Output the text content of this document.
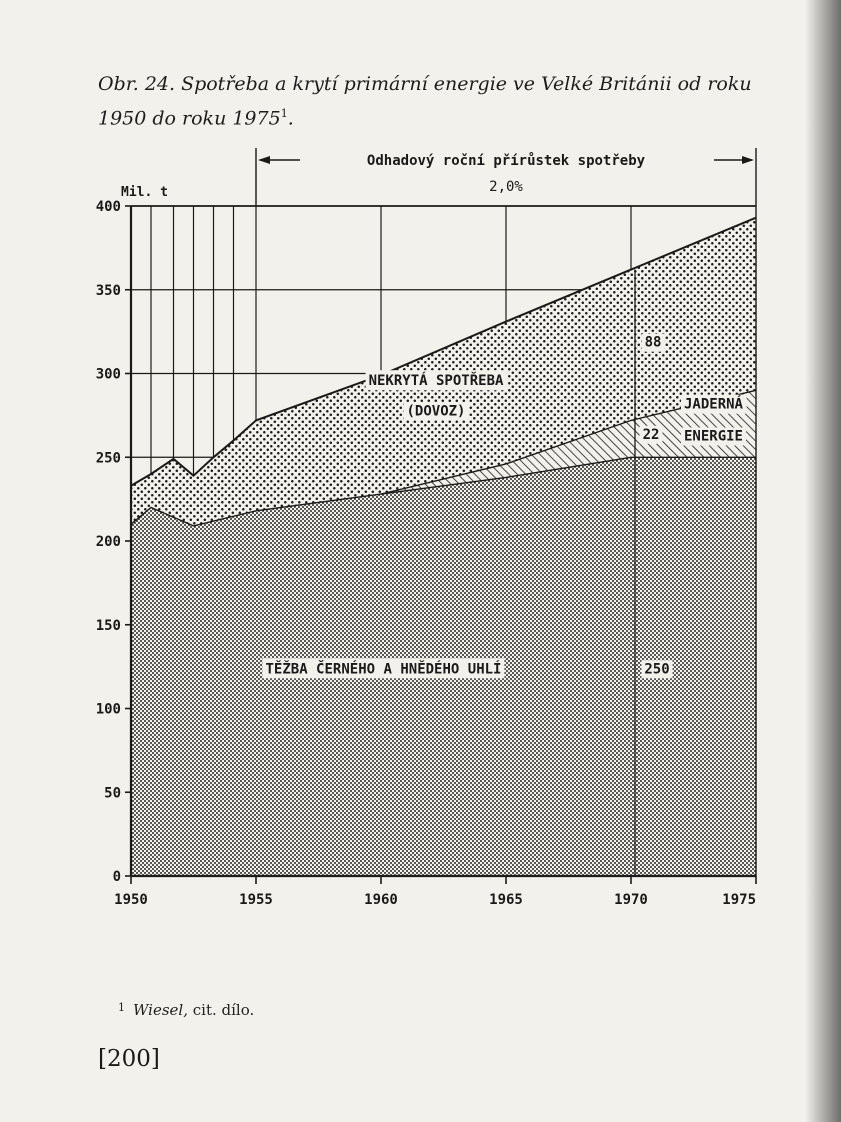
Obr. 24. Spotřeba a krytí primární energie ve Velké Británii od roku 1950 do roku 1975$^1$.
Odhadový roční přírůstek spotřeby
2,0%
0
50
100
150
200
250
300
350
400
Mil. t
1950	1955	1960	1965	1970	1975
TĚŽBA ČERNÉHO A HNĚDÉHO UHLÍ
NEKRYTÁ SPOTŘEBA
(DOVOZ)	JADERNÁ
ENERGIE
250
22
88
$^1$ Wiesel, cit. dílo.
[200]
